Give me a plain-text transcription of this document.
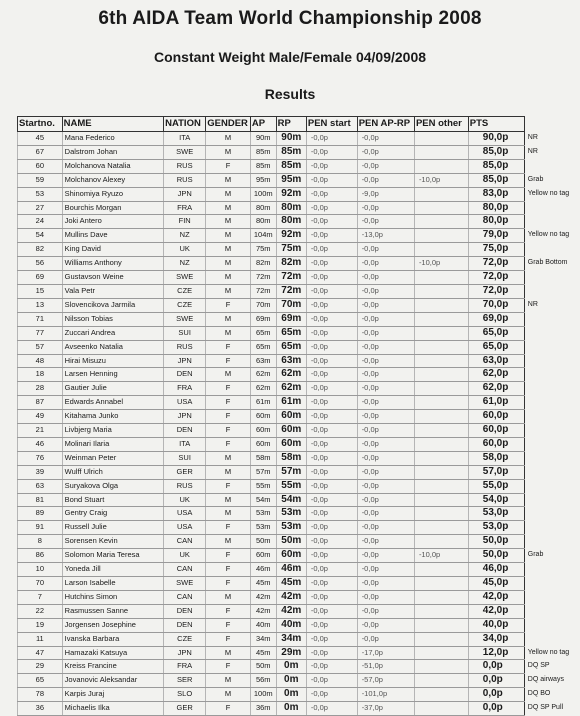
6th AIDA Team World Championship 2008
Constant Weight Male/Female 04/09/2008
Results
Startno.	NAME	NATION	GENDER	AP	RP	PEN start	PEN AP-RP	PEN other	PTS	
45	Mana Federico	ITA	M	90m	90m	-0,0p	-0,0p		90,0p	NR
67	Dalstrom Johan	SWE	M	85m	85m	-0,0p	-0,0p		85,0p	NR
60	Molchanova Natalia	RUS	F	85m	85m	-0,0p	-0,0p		85,0p	
59	Molchanov Alexey	RUS	M	95m	95m	-0,0p	-0,0p	-10,0p	85,0p	Grab
53	Shinomiya Ryuzo	JPN	M	100m	92m	-0,0p	-9,0p		83,0p	Yellow no tag
27	Bourchis Morgan	FRA	M	80m	80m	-0,0p	-0,0p		80,0p	
24	Joki Antero	FIN	M	80m	80m	-0,0p	-0,0p		80,0p	
54	Mullins Dave	NZ	M	104m	92m	-0,0p	-13,0p		79,0p	Yellow no tag
82	King David	UK	M	75m	75m	-0,0p	-0,0p		75,0p	
56	Williams Anthony	NZ	M	82m	82m	-0,0p	-0,0p	-10,0p	72,0p	Grab Bottom
69	Gustavson Weine	SWE	M	72m	72m	-0,0p	-0,0p		72,0p	
15	Vala Petr	CZE	M	72m	72m	-0,0p	-0,0p		72,0p	
13	Slovencikova Jarmila	CZE	F	70m	70m	-0,0p	-0,0p		70,0p	NR
71	Nilsson Tobias	SWE	M	69m	69m	-0,0p	-0,0p		69,0p	
77	Zuccari Andrea	SUI	M	65m	65m	-0,0p	-0,0p		65,0p	
57	Avseenko Natalia	RUS	F	65m	65m	-0,0p	-0,0p		65,0p	
48	Hirai Misuzu	JPN	F	63m	63m	-0,0p	-0,0p		63,0p	
18	Larsen Henning	DEN	M	62m	62m	-0,0p	-0,0p		62,0p	
28	Gautier Julie	FRA	F	62m	62m	-0,0p	-0,0p		62,0p	
87	Edwards Annabel	USA	F	61m	61m	-0,0p	-0,0p		61,0p	
49	Kitahama Junko	JPN	F	60m	60m	-0,0p	-0,0p		60,0p	
21	Livbjerg Maria	DEN	F	60m	60m	-0,0p	-0,0p		60,0p	
46	Molinari Ilaria	ITA	F	60m	60m	-0,0p	-0,0p		60,0p	
76	Weinman Peter	SUI	M	58m	58m	-0,0p	-0,0p		58,0p	
39	Wulff Ulrich	GER	M	57m	57m	-0,0p	-0,0p		57,0p	
63	Suryakova Olga	RUS	F	55m	55m	-0,0p	-0,0p		55,0p	
81	Bond Stuart	UK	M	54m	54m	-0,0p	-0,0p		54,0p	
89	Gentry Craig	USA	M	53m	53m	-0,0p	-0,0p		53,0p	
91	Russell Julie	USA	F	53m	53m	-0,0p	-0,0p		53,0p	
8	Sorensen Kevin	CAN	M	50m	50m	-0,0p	-0,0p		50,0p	
86	Solomon Maria Teresa	UK	F	60m	60m	-0,0p	-0,0p	-10,0p	50,0p	Grab
10	Yoneda Jill	CAN	F	46m	46m	-0,0p	-0,0p		46,0p	
70	Larson Isabelle	SWE	F	45m	45m	-0,0p	-0,0p		45,0p	
7	Hutchins Simon	CAN	M	42m	42m	-0,0p	-0,0p		42,0p	
22	Rasmussen Sanne	DEN	F	42m	42m	-0,0p	-0,0p		42,0p	
19	Jorgensen Josephine	DEN	F	40m	40m	-0,0p	-0,0p		40,0p	
11	Ivanska Barbara	CZE	F	34m	34m	-0,0p	-0,0p		34,0p	
47	Hamazaki Katsuya	JPN	M	45m	29m	-0,0p	-17,0p		12,0p	Yellow no tag
29	Kreiss Francine	FRA	F	50m	0m	-0,0p	-51,0p		0,0p	DQ SP
65	Jovanovic Aleksandar	SER	M	56m	0m	-0,0p	-57,0p		0,0p	DQ airways
78	Karpis Juraj	SLO	M	100m	0m	-0,0p	-101,0p		0,0p	DQ BO
36	Michaelis Ilka	GER	F	36m	0m	-0,0p	-37,0p		0,0p	DQ SP Pull
